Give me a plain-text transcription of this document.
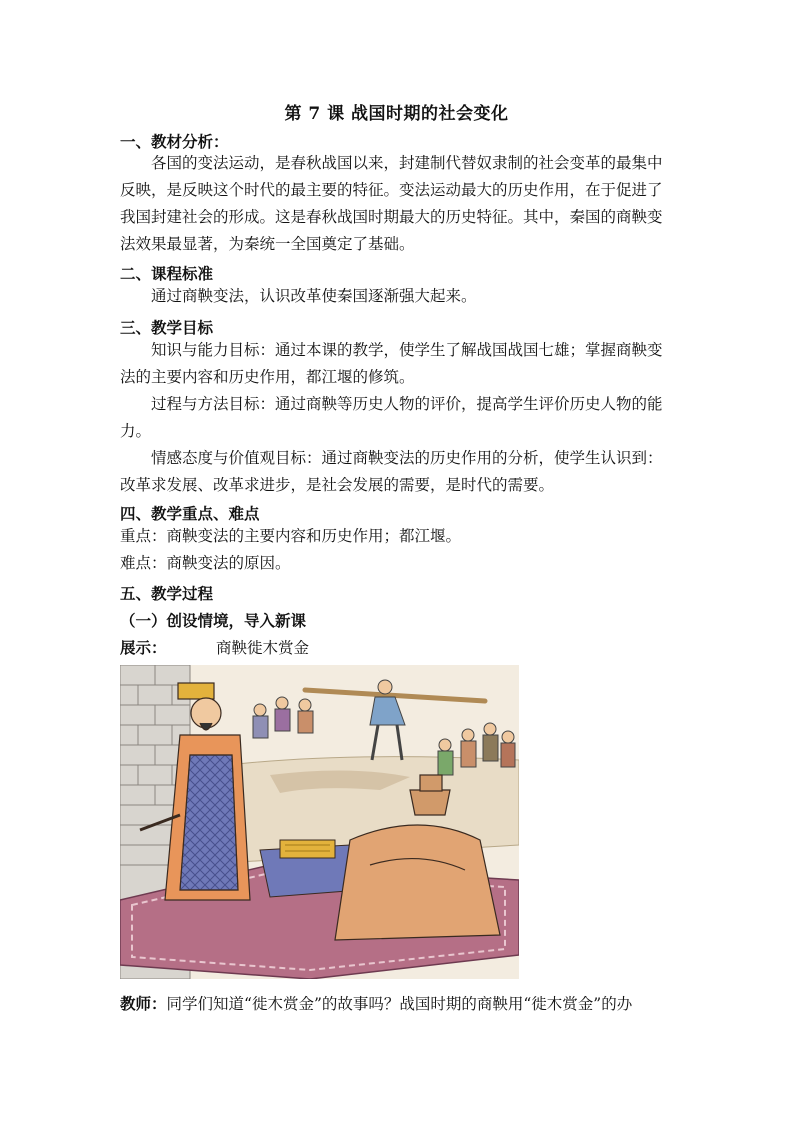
第 7 课 战国时期的社会变化
一、教材分析：
各国的变法运动，是春秋战国以来，封建制代替奴隶制的社会变革的最集中反映，是反映这个时代的最主要的特征。变法运动最大的历史作用，在于促进了我国封建社会的形成。这是春秋战国时期最大的历史特征。其中，秦国的商鞅变法效果最显著，为秦统一全国奠定了基础。
二、课程标准
通过商鞅变法，认识改革使秦国逐渐强大起来。
三、教学目标
知识与能力目标：通过本课的教学，使学生了解战国战国七雄；掌握商鞅变法的主要内容和历史作用，都江堰的修筑。
过程与方法目标：通过商鞅等历史人物的评价，提高学生评价历史人物的能力。
情感态度与价值观目标：通过商鞅变法的历史作用的分析，使学生认识到：改革求发展、改革求进步，是社会发展的需要，是时代的需要。
四、教学重点、难点
重点：商鞅变法的主要内容和历史作用；都江堰。
难点：商鞅变法的原因。
五、教学过程
（一）创设情境，导入新课
展示：	商鞅徙木赏金
教师：同学们知道“徙木赏金”的故事吗？战国时期的商鞅用“徙木赏金”的办
